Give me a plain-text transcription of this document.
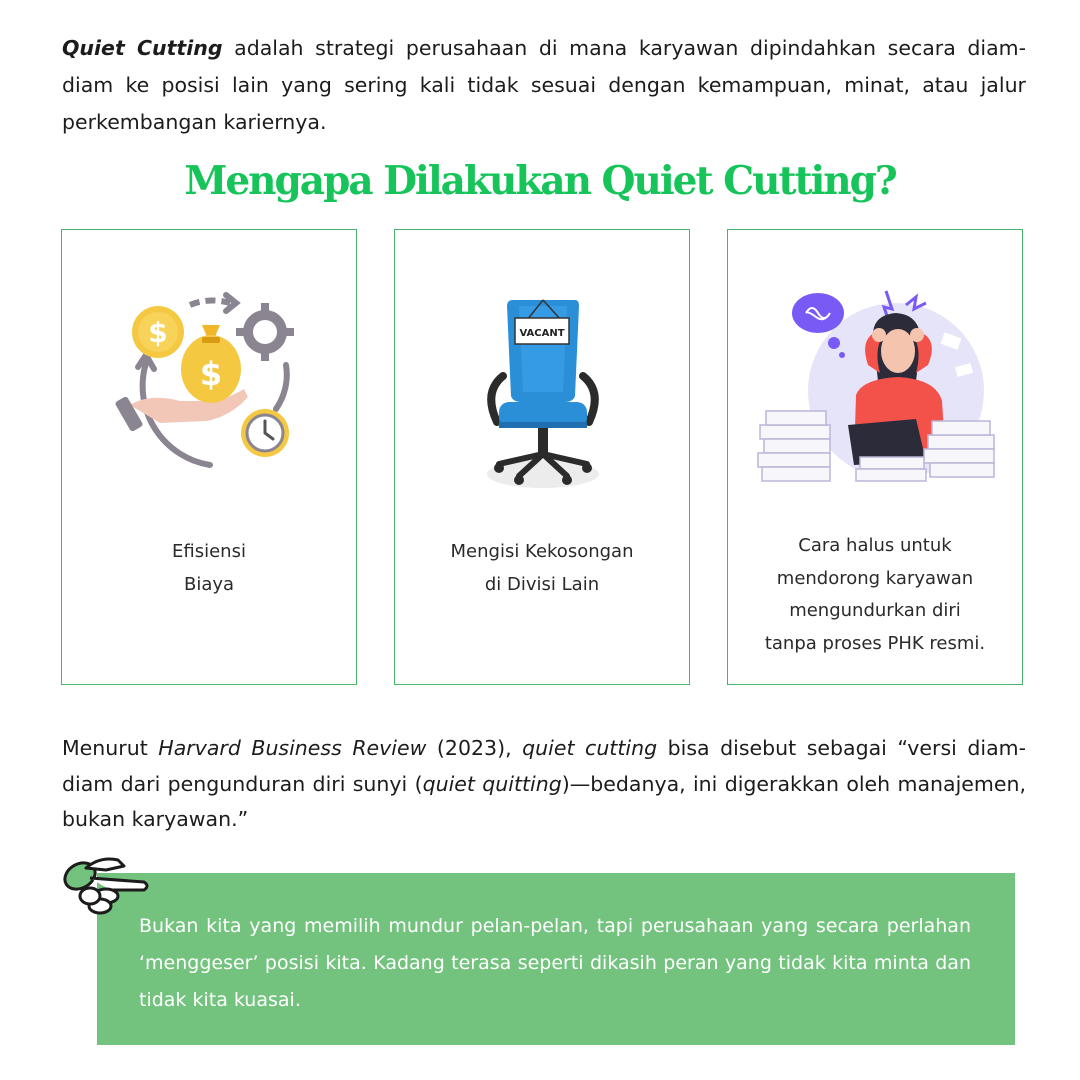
Quiet Cutting adalah strategi perusahaan di mana karyawan dipindahkan secara diam-diam ke posisi lain yang sering kali tidak sesuai dengan kemampuan, minat, atau jalur perkembangan kariernya.

Mengapa Dilakukan Quiet Cutting?
$
$
Efisiensi
Biaya
VACANT
Mengisi Kekosongan
di Divisi Lain
Cara halus untuk
mendorong karyawan
mengundurkan diri
tanpa proses PHK resmi.

Menurut Harvard Business Review (2023), quiet cutting bisa disebut sebagai “versi diam-diam dari pengunduran diri sunyi (quiet quitting)—bedanya, ini digerakkan oleh manajemen, bukan karyawan.”

Bukan kita yang memilih mundur pelan-pelan, tapi perusahaan yang secara perlahan ‘menggeser’ posisi kita. Kadang terasa seperti dikasih peran yang tidak kita minta dan tidak kita kuasai.
